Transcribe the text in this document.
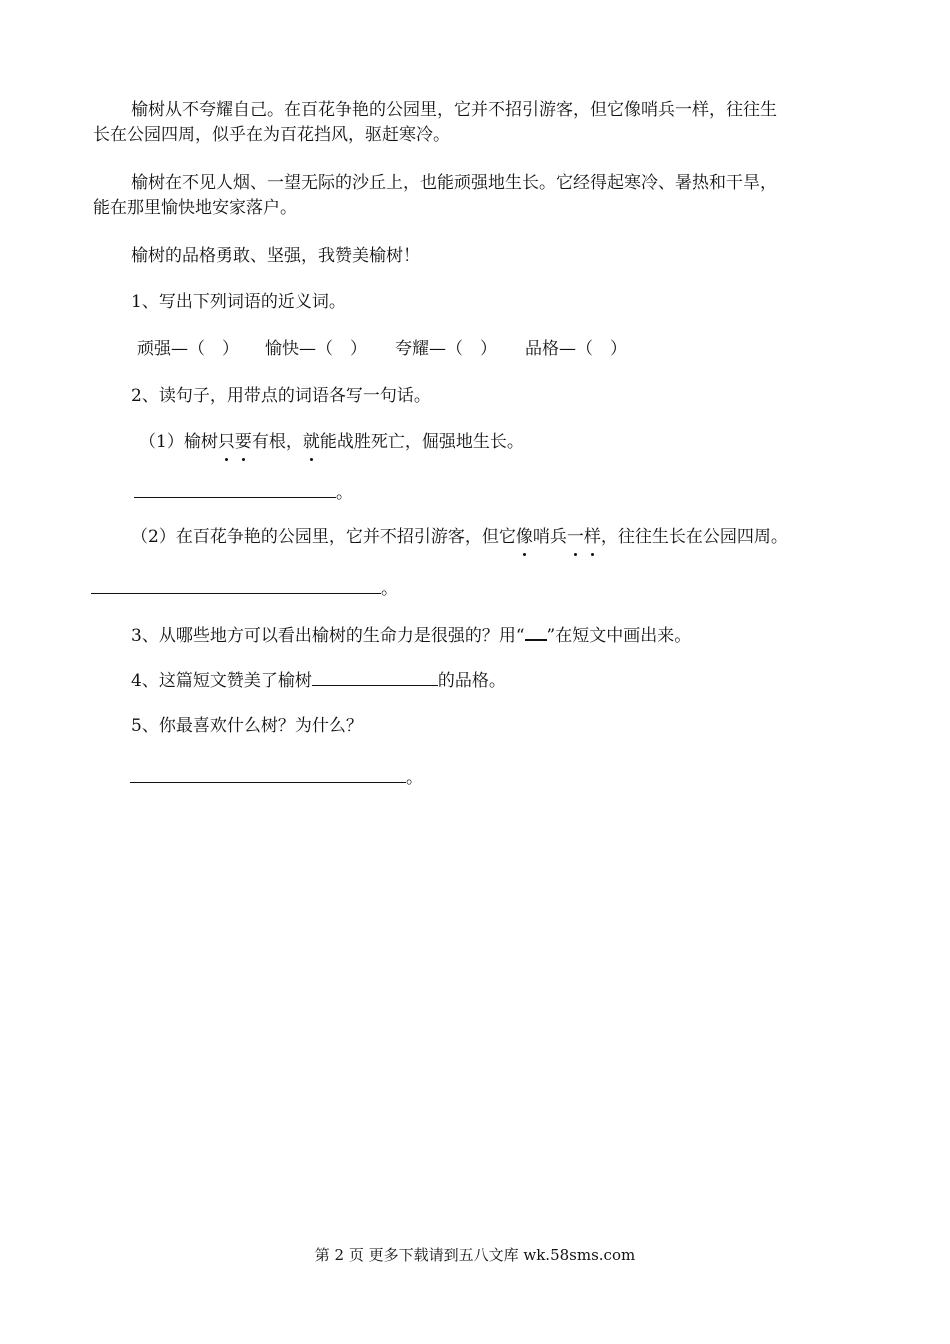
榆树从不夸耀自己。在百花争艳的公园里，它并不招引游客，但它像哨兵一样，往往生
长在公园四周，似乎在为百花挡风，驱赶寒冷。
榆树在不见人烟、一望无际的沙丘上，也能顽强地生长。它经得起寒冷、暑热和干旱，
能在那里愉快地安家落户。
榆树的品格勇敢、坚强，我赞美榆树！
1、写出下列词语的近义词。
顽强—（　） 愉快—（　） 夸耀—（　） 品格—（　）
2、读句子，用带点的词语各写一句话。
（1）榆树只要有根，就能战胜死亡，倔强地生长。
。
（2）在百花争艳的公园里，它并不招引游客，但它像哨兵一样，往往生长在公园四周。
。
3、从哪些地方可以看出榆树的生命力是很强的？用“ ”在短文中画出来。
4、这篇短文赞美了榆树	的品格。
5、你最喜欢什么树？为什么？
。
第 2 页 更多下载请到五八文库 wk.58sms.com
